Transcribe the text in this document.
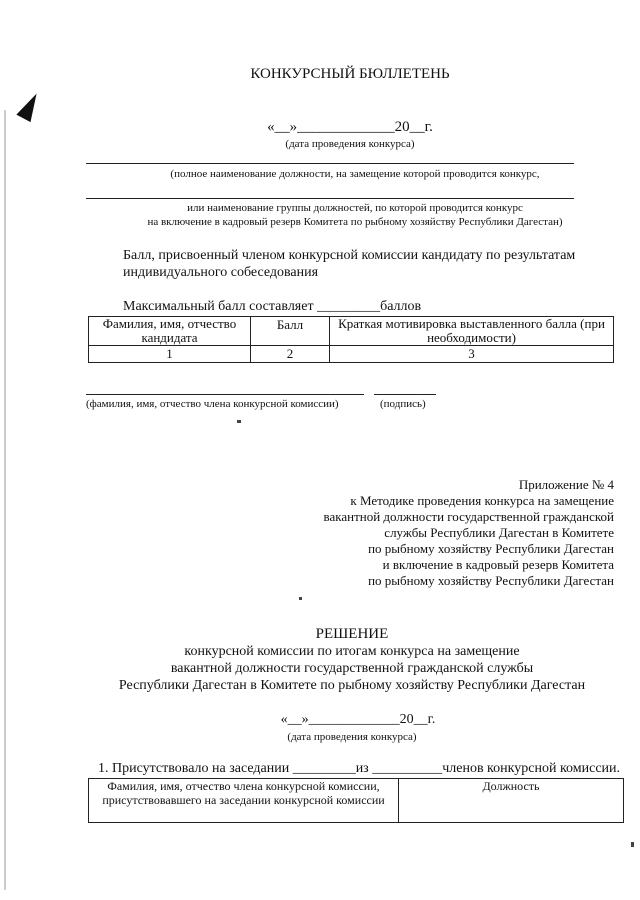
КОНКУРСНЫЙ БЮЛЛЕТЕНЬ
«__»_____________20__г.
(дата проведения конкурса)
(полное наименование должности, на замещение которой проводится конкурс,
или наименование группы должностей, по которой проводится конкурс
на включение в кадровый резерв Комитета по рыбному хозяйству Республики Дагестан)
Балл, присвоенный членом конкурсной комиссии кандидату по результатам
индивидуального собеседования
Максимальный балл составляет _________баллов
Фамилия, имя, отчество кандидата	Балл	Краткая мотивировка выставленного балла (при необходимости)
1	2	3
(фамилия, имя, отчество члена конкурсной комиссии)	(подпись)
Приложение № 4
к Методике проведения конкурса на замещение
вакантной должности государственной гражданской
службы Республики Дагестан в Комитете
по рыбному хозяйству Республики Дагестан
и включение в кадровый резерв Комитета
по рыбному хозяйству Республики Дагестан
РЕШЕНИЕ
конкурсной комиссии по итогам конкурса на замещение
вакантной должности государственной гражданской службы
Республики Дагестан в Комитете по рыбному хозяйству Республики Дагестан
«__»_____________20__г.
(дата проведения конкурса)
1. Присутствовало на заседании _________из __________членов конкурсной комиссии.
Фамилия, имя, отчество члена конкурсной комиссии, присутствовавшего на заседании конкурсной комиссии	Должность
